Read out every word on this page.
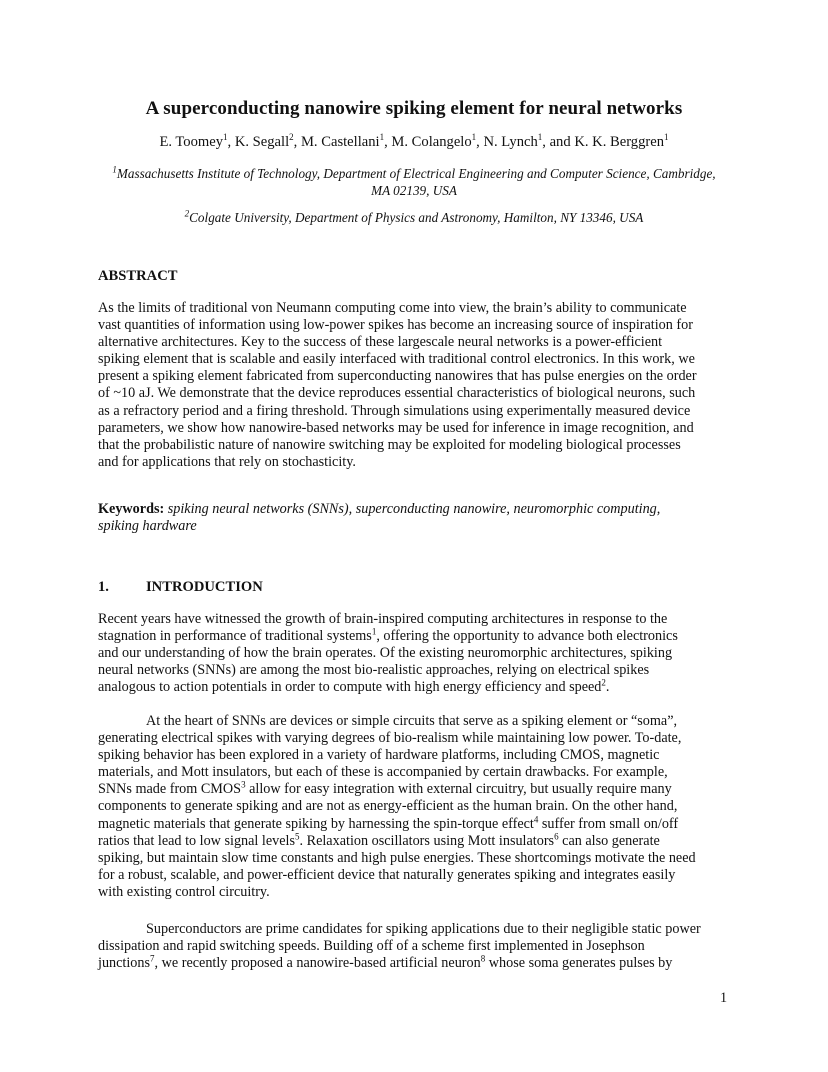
A superconducting nanowire spiking element for neural networks
E. Toomey$^1$, K. Segall$^2$, M. Castellani$^1$, M. Colangelo$^1$, N. Lynch$^1$, and K. K. Berggren$^1$
$^1$Massachusetts Institute of Technology, Department of Electrical Engineering and Computer Science, Cambridge,
MA 02139, USA
$^2$Colgate University, Department of Physics and Astronomy, Hamilton, NY 13346, USA
ABSTRACT
As the limits of traditional von Neumann computing come into view, the brain’s ability to communicate
vast quantities of information using low-power spikes has become an increasing source of inspiration for
alternative architectures. Key to the success of these largescale neural networks is a power-efficient
spiking element that is scalable and easily interfaced with traditional control electronics. In this work, we
present a spiking element fabricated from superconducting nanowires that has pulse energies on the order
of ~10 aJ. We demonstrate that the device reproduces essential characteristics of biological neurons, such
as a refractory period and a firing threshold. Through simulations using experimentally measured device
parameters, we show how nanowire-based networks may be used for inference in image recognition, and
that the probabilistic nature of nanowire switching may be exploited for modeling biological processes
and for applications that rely on stochasticity.
Keywords: spiking neural networks (SNNs), superconducting nanowire, neuromorphic computing,
spiking hardware
1.	INTRODUCTION
Recent years have witnessed the growth of brain-inspired computing architectures in response to the
stagnation in performance of traditional systems$^1$, offering the opportunity to advance both electronics
and our understanding of how the brain operates. Of the existing neuromorphic architectures, spiking
neural networks (SNNs) are among the most bio-realistic approaches, relying on electrical spikes
analogous to action potentials in order to compute with high energy efficiency and speed$^2$.
At the heart of SNNs are devices or simple circuits that serve as a spiking element or “soma”,
generating electrical spikes with varying degrees of bio-realism while maintaining low power. To-date,
spiking behavior has been explored in a variety of hardware platforms, including CMOS, magnetic
materials, and Mott insulators, but each of these is accompanied by certain drawbacks. For example,
SNNs made from CMOS$^3$ allow for easy integration with external circuitry, but usually require many
components to generate spiking and are not as energy-efficient as the human brain. On the other hand,
magnetic materials that generate spiking by harnessing the spin-torque effect$^4$ suffer from small on/off
ratios that lead to low signal levels$^5$. Relaxation oscillators using Mott insulators$^6$ can also generate
spiking, but maintain slow time constants and high pulse energies. These shortcomings motivate the need
for a robust, scalable, and power-efficient device that naturally generates spiking and integrates easily
with existing control circuitry.
Superconductors are prime candidates for spiking applications due to their negligible static power
dissipation and rapid switching speeds. Building off of a scheme first implemented in Josephson
junctions$^7$, we recently proposed a nanowire-based artificial neuron$^8$ whose soma generates pulses by
1
